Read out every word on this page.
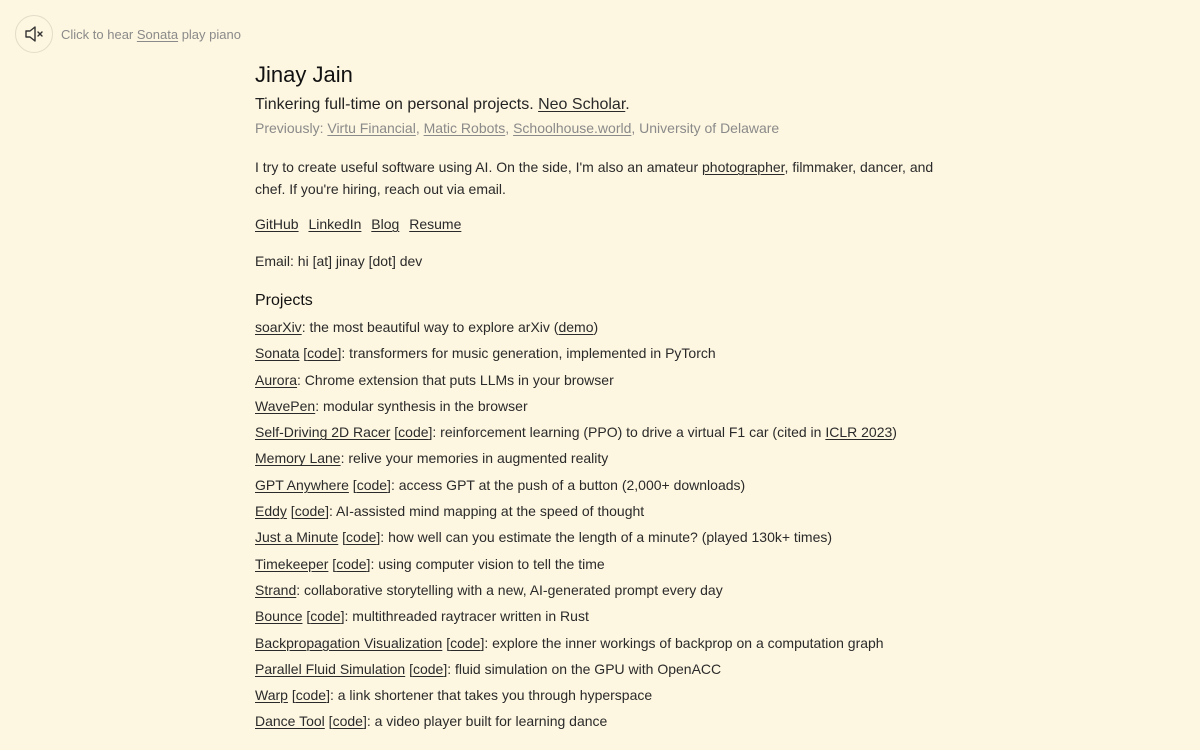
Click to hear Sonata play piano
Jinay Jain
Tinkering full-time on personal projects. Neo Scholar.
Previously: Virtu Financial, Matic Robots, Schoolhouse.world, University of Delaware
I try to create useful software using AI. On the side, I'm also an amateur photographer, filmmaker, dancer, and chef. If you're hiring, reach out via email.
GitHub LinkedIn Blog Resume
Email: hi [at] jinay [dot] dev
Projects
soarXiv: the most beautiful way to explore arXiv (demo)
Sonata [code]: transformers for music generation, implemented in PyTorch
Aurora: Chrome extension that puts LLMs in your browser
WavePen: modular synthesis in the browser
Self-Driving 2D Racer [code]: reinforcement learning (PPO) to drive a virtual F1 car (cited in ICLR 2023)
Memory Lane: relive your memories in augmented reality
GPT Anywhere [code]: access GPT at the push of a button (2,000+ downloads)
Eddy [code]: AI-assisted mind mapping at the speed of thought
Just a Minute [code]: how well can you estimate the length of a minute? (played 130k+ times)
Timekeeper [code]: using computer vision to tell the time
Strand: collaborative storytelling with a new, AI-generated prompt every day
Bounce [code]: multithreaded raytracer written in Rust
Backpropagation Visualization [code]: explore the inner workings of backprop on a computation graph
Parallel Fluid Simulation [code]: fluid simulation on the GPU with OpenACC
Warp [code]: a link shortener that takes you through hyperspace
Dance Tool [code]: a video player built for learning dance
